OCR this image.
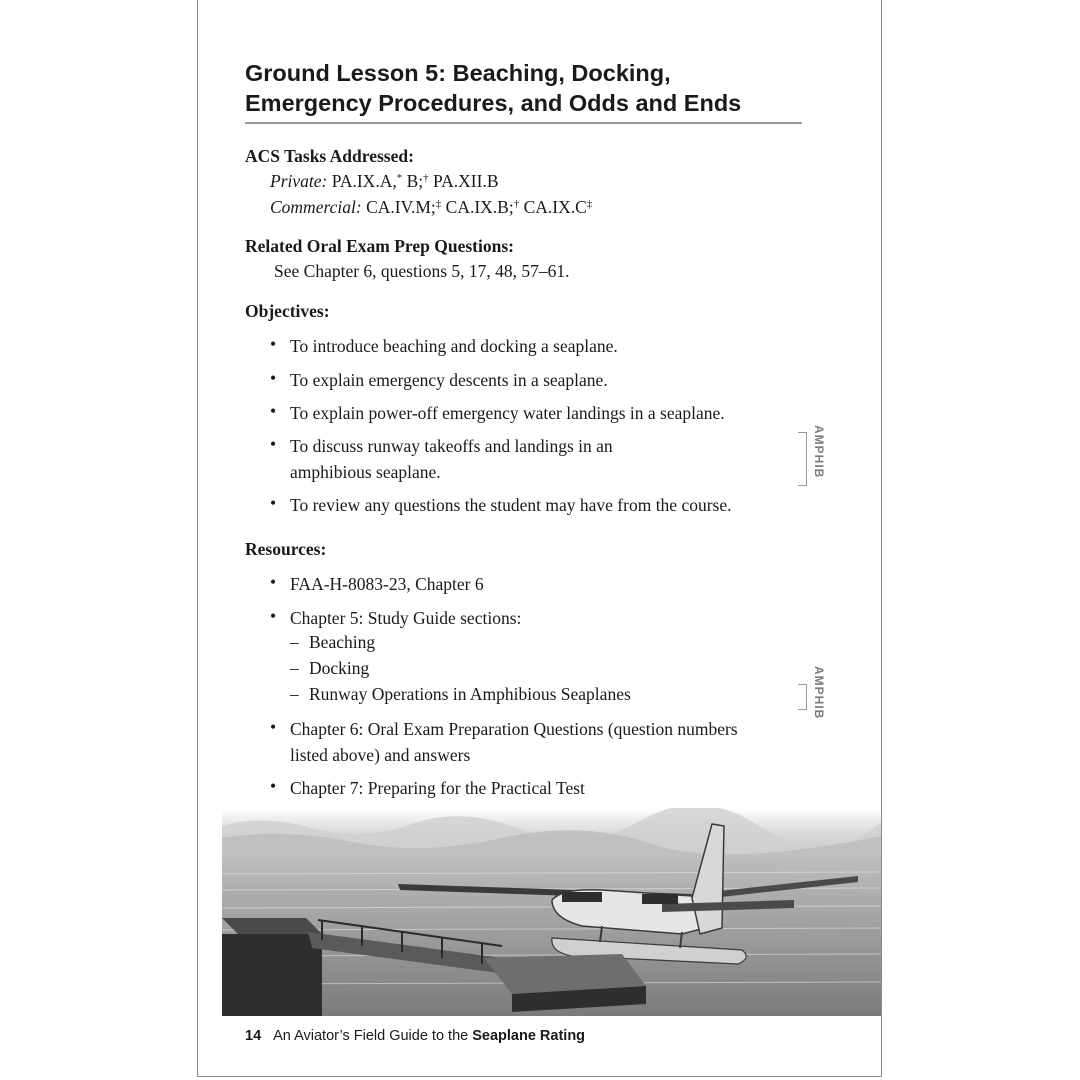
Ground Lesson 5: Beaching, Docking,
Emergency Procedures, and Odds and Ends
ACS Tasks Addressed:
Private: PA.IX.A,* B;† PA.XII.B
Commercial: CA.IV.M;‡ CA.IX.B;† CA.IX.C‡
Related Oral Exam Prep Questions:
See Chapter 6, questions 5, 17, 48, 57–61.
Objectives:
• To introduce beaching and docking a seaplane.
• To explain emergency descents in a seaplane.
• To explain power-off emergency water landings in a seaplane.
• To discuss runway takeoffs and landings in an amphibious seaplane.
• To review any questions the student may have from the course.
AMPHIB
Resources:
• FAA-H-8083-23, Chapter 6
• Chapter 5: Study Guide sections:
– Beaching
– Docking
– Runway Operations in Amphibious Seaplanes
• Chapter 6: Oral Exam Preparation Questions (question numbers listed above) and answers
• Chapter 7: Preparing for the Practical Test
AMPHIB
14 An Aviator’s Field Guide to the Seaplane Rating
